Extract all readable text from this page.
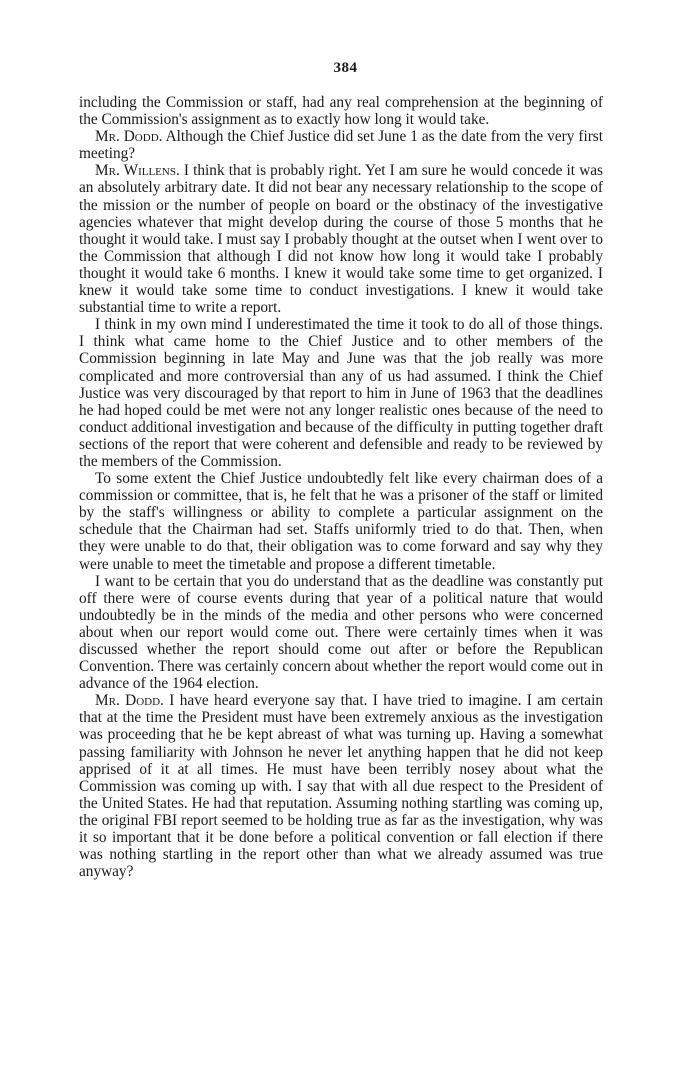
384

including the Commission or staff, had any real comprehension at the beginning of the Commission's assignment as to exactly how long it would take.

Mr. Dodd. Although the Chief Justice did set June 1 as the date from the very first meeting?

Mr. Willens. I think that is probably right. Yet I am sure he would concede it was an absolutely arbitrary date. It did not bear any necessary relationship to the scope of the mission or the number of people on board or the obstinacy of the investigative agencies whatever that might develop during the course of those 5 months that he thought it would take. I must say I probably thought at the outset when I went over to the Commission that although I did not know how long it would take I probably thought it would take 6 months. I knew it would take some time to get organized. I knew it would take some time to conduct investigations. I knew it would take substantial time to write a report.

I think in my own mind I underestimated the time it took to do all of those things. I think what came home to the Chief Justice and to other members of the Commission beginning in late May and June was that the job really was more complicated and more controversial than any of us had assumed. I think the Chief Justice was very discouraged by that report to him in June of 1963 that the deadlines he had hoped could be met were not any longer realistic ones because of the need to conduct additional investigation and because of the difficulty in putting together draft sections of the report that were coherent and defensible and ready to be reviewed by the members of the Commission.

To some extent the Chief Justice undoubtedly felt like every chairman does of a commission or committee, that is, he felt that he was a prisoner of the staff or limited by the staff's willingness or ability to complete a particular assignment on the schedule that the Chairman had set. Staffs uniformly tried to do that. Then, when they were unable to do that, their obligation was to come forward and say why they were unable to meet the timetable and propose a different timetable.

I want to be certain that you do understand that as the deadline was constantly put off there were of course events during that year of a political nature that would undoubtedly be in the minds of the media and other persons who were concerned about when our report would come out. There were certainly times when it was discussed whether the report should come out after or before the Republican Convention. There was certainly concern about whether the report would come out in advance of the 1964 election.

Mr. Dodd. I have heard everyone say that. I have tried to imagine. I am certain that at the time the President must have been extremely anxious as the investigation was proceeding that he be kept abreast of what was turning up. Having a somewhat passing familiarity with Johnson he never let anything happen that he did not keep apprised of it at all times. He must have been terribly nosey about what the Commission was coming up with. I say that with all due respect to the President of the United States. He had that reputation. Assuming nothing startling was coming up, the original FBI report seemed to be holding true as far as the investigation, why was it so important that it be done before a political convention or fall election if there was nothing startling in the report other than what we already assumed was true anyway?
